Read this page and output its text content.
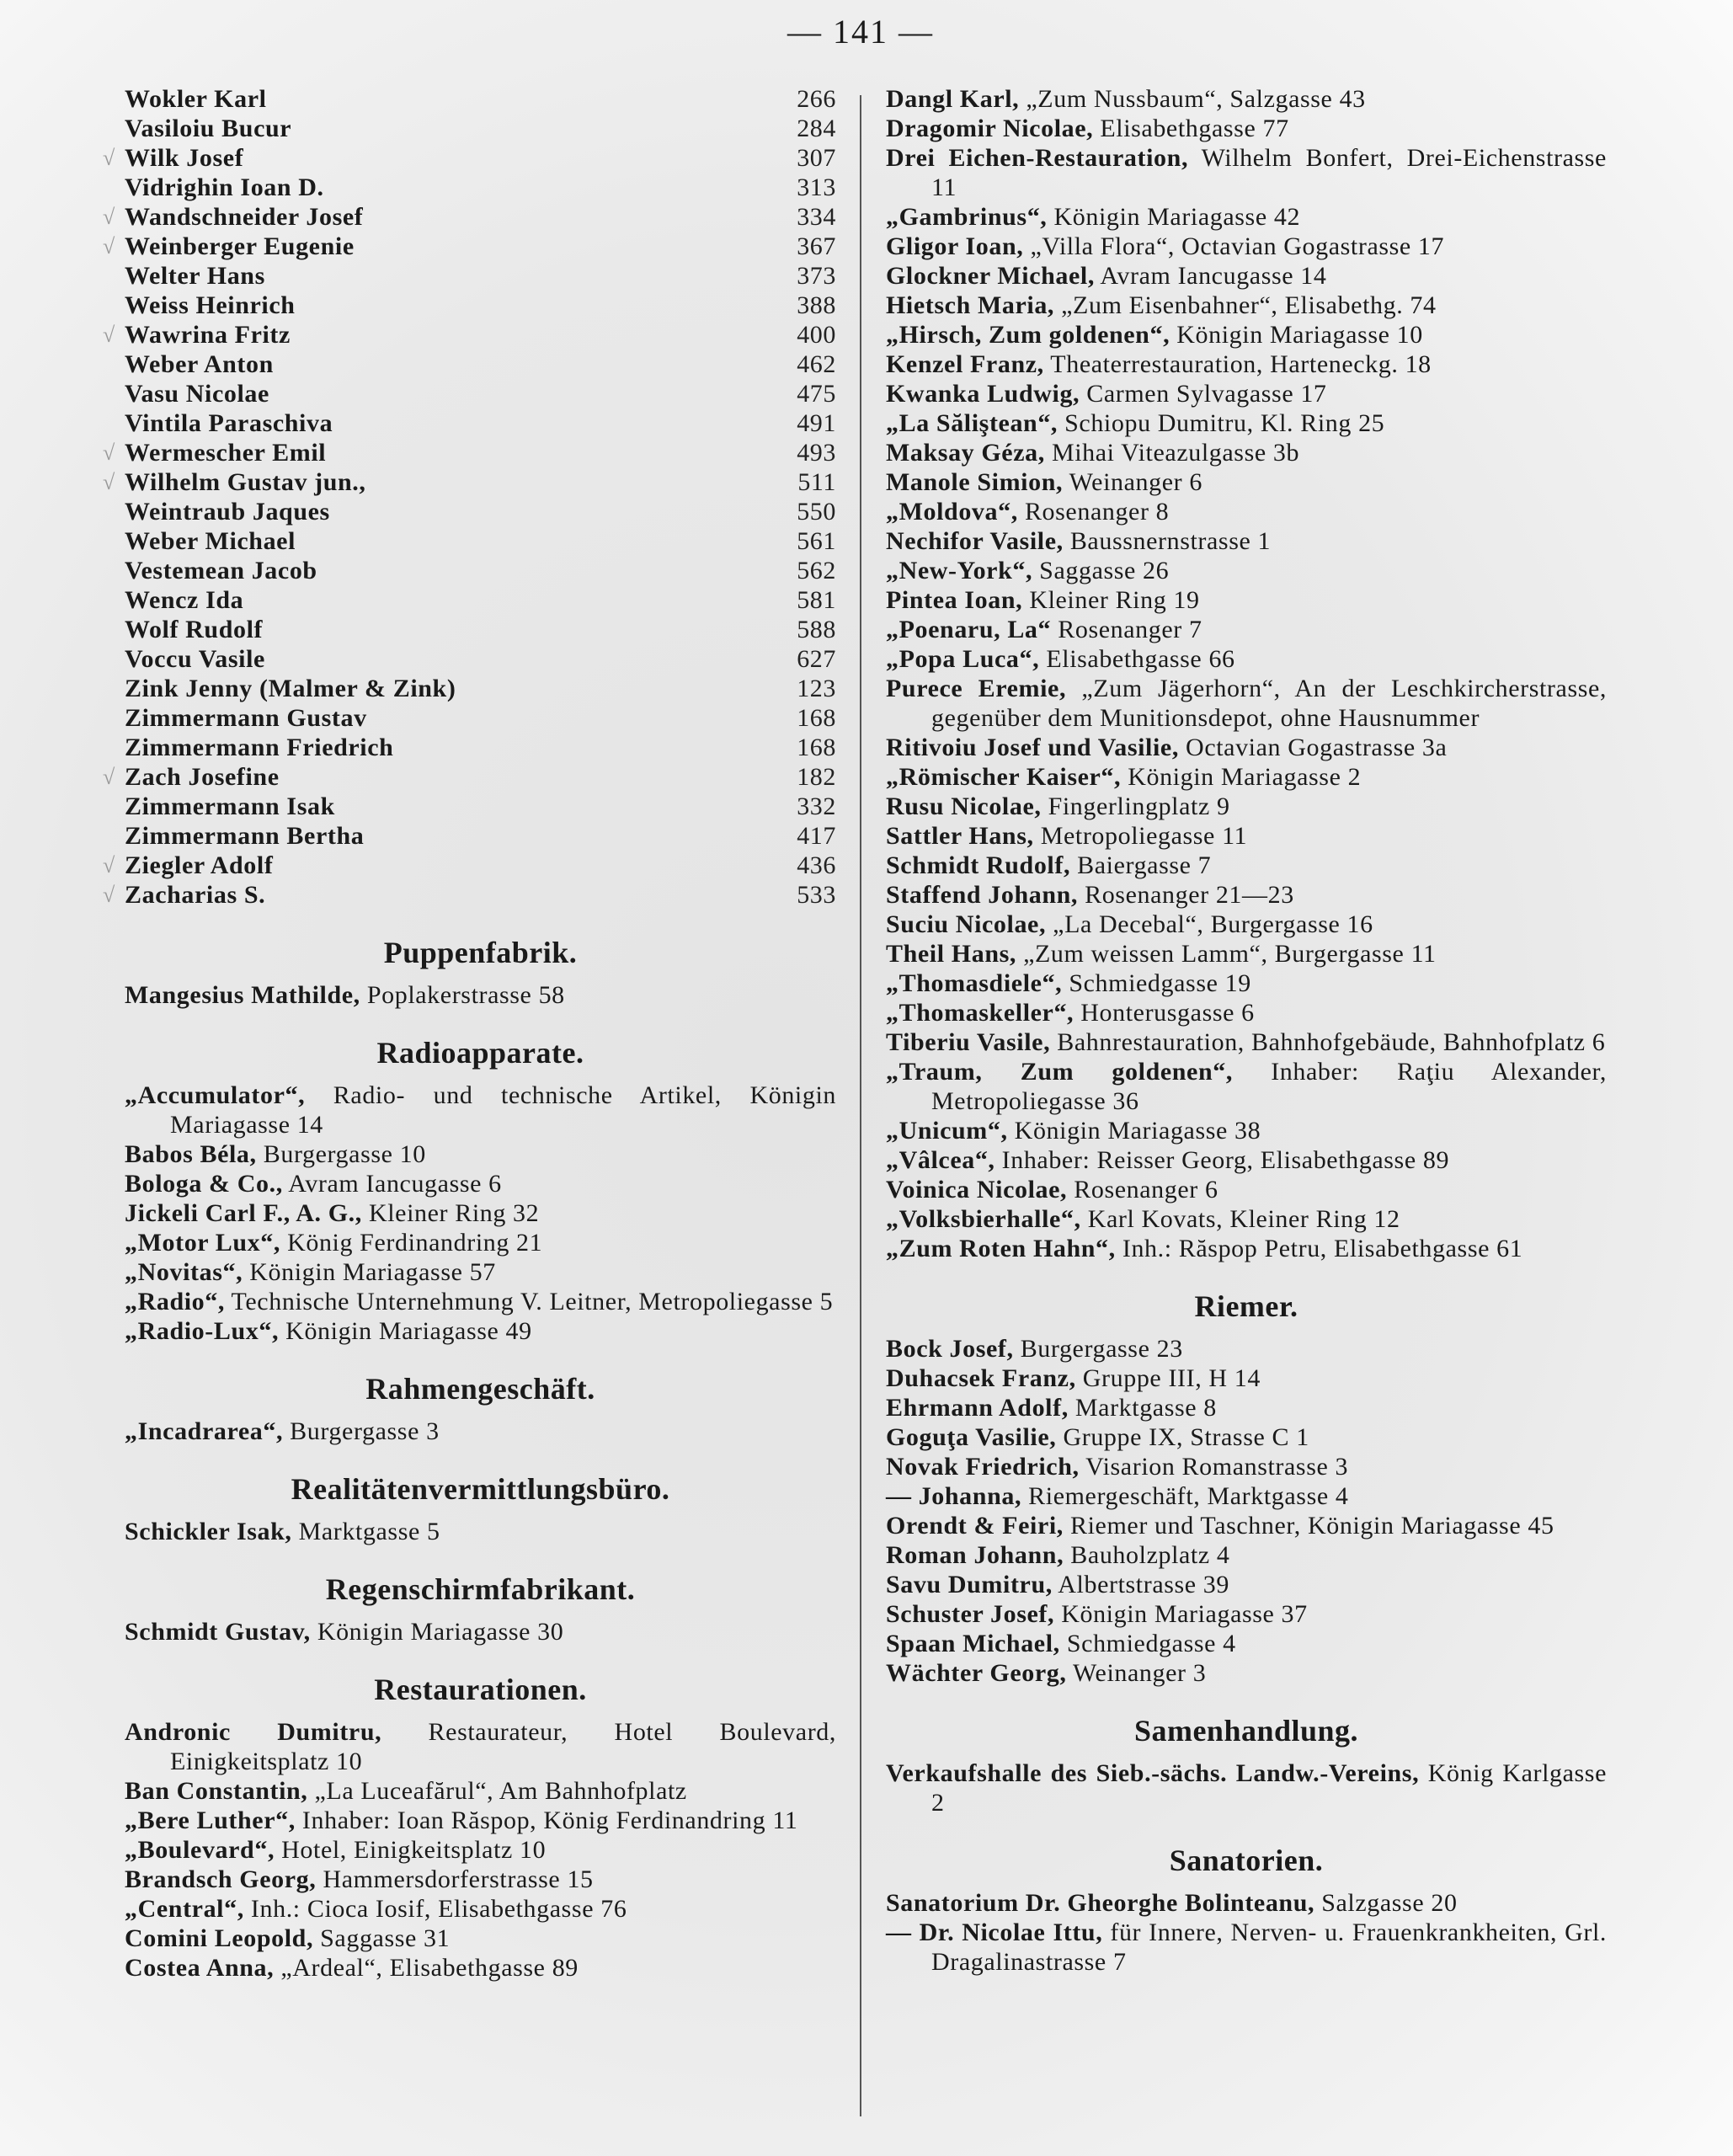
— 141 —
Wokler Karl	266
Vasiloiu Bucur	284
√ Wilk Josef	307
Vidrighin Ioan D.	313
√ Wandschneider Josef	334
√ Weinberger Eugenie	367
Welter Hans	373
Weiss Heinrich	388
√ Wawrina Fritz	400
Weber Anton	462
Vasu Nicolae	475
Vintila Paraschiva	491
√ Wermescher Emil	493
√ Wilhelm Gustav jun.,	511
Weintraub Jaques	550
Weber Michael	561
Vestemean Jacob	562
Wencz Ida	581
Wolf Rudolf	588
Voccu Vasile	627
Zink Jenny (Malmer & Zink)	123
Zimmermann Gustav	168
Zimmermann Friedrich	168
√ Zach Josefine	182
Zimmermann Isak	332
Zimmermann Bertha	417
√ Ziegler Adolf	436
√ Zacharias S.	533
Puppenfabrik.
Mangesius Mathilde, Poplakerstrasse 58
Radioapparate.
„Accumulator“, Radio- und technische Artikel, Königin Mariagasse 14
Babos Béla, Burgergasse 10
Bologa & Co., Avram Iancugasse 6
Jickeli Carl F., A. G., Kleiner Ring 32
„Motor Lux“, König Ferdinandring 21
„Novitas“, Königin Mariagasse 57
„Radio“, Technische Unternehmung V. Leitner, Metropoliegasse 5
„Radio-Lux“, Königin Mariagasse 49
Rahmengeschäft.
„Incadrarea“, Burgergasse 3
Realitätenvermittlungsbüro.
Schickler Isak, Marktgasse 5
Regenschirmfabrikant.
Schmidt Gustav, Königin Mariagasse 30
Restaurationen.
Andronic Dumitru, Restaurateur, Hotel Boulevard, Einigkeitsplatz 10
Ban Constantin, „La Luceafărul“, Am Bahnhofplatz
„Bere Luther“, Inhaber: Ioan Răspop, König Ferdinandring 11
„Boulevard“, Hotel, Einigkeitsplatz 10
Brandsch Georg, Hammersdorferstrasse 15
„Central“, Inh.: Cioca Iosif, Elisabethgasse 76
Comini Leopold, Saggasse 31
Costea Anna, „Ardeal“, Elisabethgasse 89
Dangl Karl, „Zum Nussbaum“, Salzgasse 43
Dragomir Nicolae, Elisabethgasse 77
Drei Eichen-Restauration, Wilhelm Bonfert, Drei-Eichenstrasse 11
„Gambrinus“, Königin Mariagasse 42
Gligor Ioan, „Villa Flora“, Octavian Gogastrasse 17
Glockner Michael, Avram Iancugasse 14
Hietsch Maria, „Zum Eisenbahner“, Elisabethg. 74
„Hirsch, Zum goldenen“, Königin Mariagasse 10
Kenzel Franz, Theaterrestauration, Harteneckg. 18
Kwanka Ludwig, Carmen Sylvagasse 17
„La Săliştean“, Schiopu Dumitru, Kl. Ring 25
Maksay Géza, Mihai Viteazulgasse 3b
Manole Simion, Weinanger 6
„Moldova“, Rosenanger 8
Nechifor Vasile, Baussnernstrasse 1
„New-York“, Saggasse 26
Pintea Ioan, Kleiner Ring 19
„Poenaru, La“ Rosenanger 7
„Popa Luca“, Elisabethgasse 66
Purece Eremie, „Zum Jägerhorn“, An der Leschkircherstrasse, gegenüber dem Munitionsdepot, ohne Hausnummer
Ritivoiu Josef und Vasilie, Octavian Gogastrasse 3a
„Römischer Kaiser“, Königin Mariagasse 2
Rusu Nicolae, Fingerlingplatz 9
Sattler Hans, Metropoliegasse 11
Schmidt Rudolf, Baiergasse 7
Staffend Johann, Rosenanger 21—23
Suciu Nicolae, „La Decebal“, Burgergasse 16
Theil Hans, „Zum weissen Lamm“, Burgergasse 11
„Thomasdiele“, Schmiedgasse 19
„Thomaskeller“, Honterusgasse 6
Tiberiu Vasile, Bahnrestauration, Bahnhofgebäude, Bahnhofplatz 6
„Traum, Zum goldenen“, Inhaber: Raţiu Alexander, Metropoliegasse 36
„Unicum“, Königin Mariagasse 38
„Vâlcea“, Inhaber: Reisser Georg, Elisabethgasse 89
Voinica Nicolae, Rosenanger 6
„Volksbierhalle“, Karl Kovats, Kleiner Ring 12
„Zum Roten Hahn“, Inh.: Răspop Petru, Elisabethgasse 61
Riemer.
Bock Josef, Burgergasse 23
Duhacsek Franz, Gruppe III, H 14
Ehrmann Adolf, Marktgasse 8
Goguţa Vasilie, Gruppe IX, Strasse C 1
Novak Friedrich, Visarion Romanstrasse 3
— Johanna, Riemergeschäft, Marktgasse 4
Orendt & Feiri, Riemer und Taschner, Königin Mariagasse 45
Roman Johann, Bauholzplatz 4
Savu Dumitru, Albertstrasse 39
Schuster Josef, Königin Mariagasse 37
Spaan Michael, Schmiedgasse 4
Wächter Georg, Weinanger 3
Samenhandlung.
Verkaufshalle des Sieb.-sächs. Landw.-Vereins, König Karlgasse 2
Sanatorien.
Sanatorium Dr. Gheorghe Bolinteanu, Salzgasse 20
— Dr. Nicolae Ittu, für Innere, Nerven- u. Frauenkrankheiten, Grl. Dragalinastrasse 7
